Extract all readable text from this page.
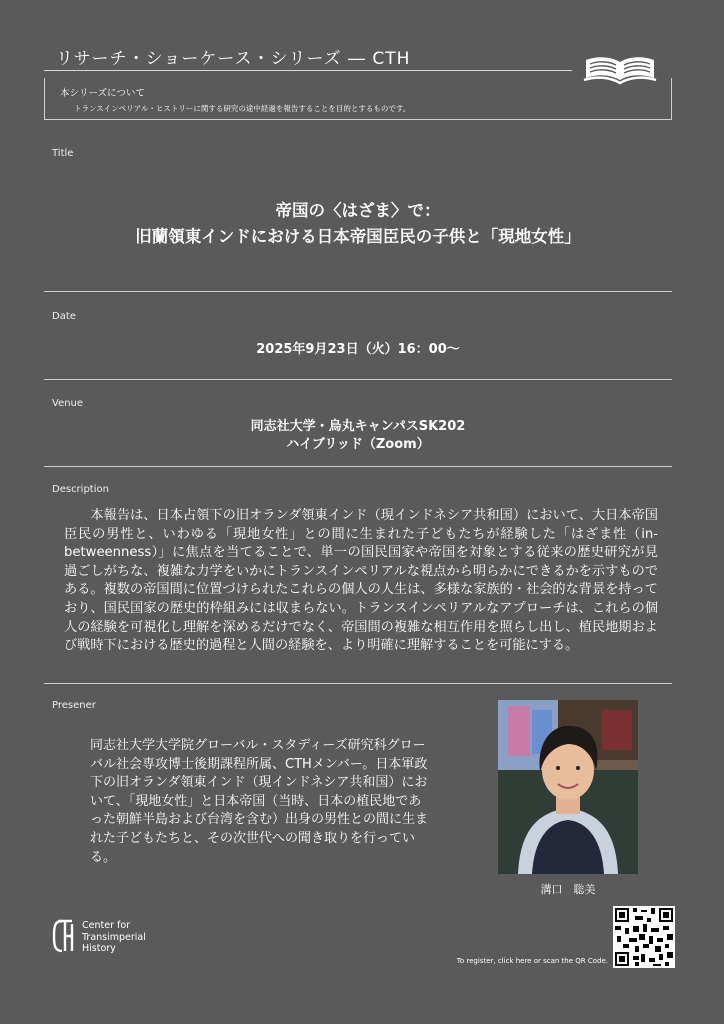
リサーチ・ショーケース・シリーズ ― CTH
本シリーズについて
トランスインペリアル・ヒストリーに関する研究の途中経過を報告することを目的とするものです。
Title
帝国の〈はざま〉で：
旧蘭領東インドにおける日本帝国臣民の子供と「現地女性」
Date
2025年9月23日（火）16：00〜
Venue
同志社大学・烏丸キャンパスSK202
ハイブリッド（Zoom）
Description
本報告は、日本占領下の旧オランダ領東インド（現インドネシア共和国）において、大日本帝国臣民の男性と、いわゆる「現地女性」との間に生まれた子どもたちが経験した「はざま性（in-betweenness）」に焦点を当てることで、単一の国民国家や帝国を対象とする従来の歴史研究が見過ごしがちな、複雑な力学をいかにトランスインペリアルな視点から明らかにできるかを示すものである。複数の帝国間に位置づけられたこれらの個人の人生は、多様な家族的・社会的な背景を持っており、国民国家の歴史的枠組みには収まらない。トランスインペリアルなアプローチは、これらの個人の経験を可視化し理解を深めるだけでなく、帝国間の複雑な相互作用を照らし出し、植民地期および戦時下における歴史的過程と人間の経験を、より明確に理解することを可能にする。
Presener
同志社大学大学院グローバル・スタディーズ研究科グローバル社会専攻博士後期課程所属、CTHメンバー。日本軍政下の旧オランダ領東インド（現インドネシア共和国）において、「現地女性」と日本帝国（当時、日本の植民地であった朝鮮半島および台湾を含む）出身の男性との間に生まれた子どもたちと、その次世代への聞き取りを行っている。
溝口　聡美
Center for
Transimperial
History
To register, click here or scan the QR Code.
